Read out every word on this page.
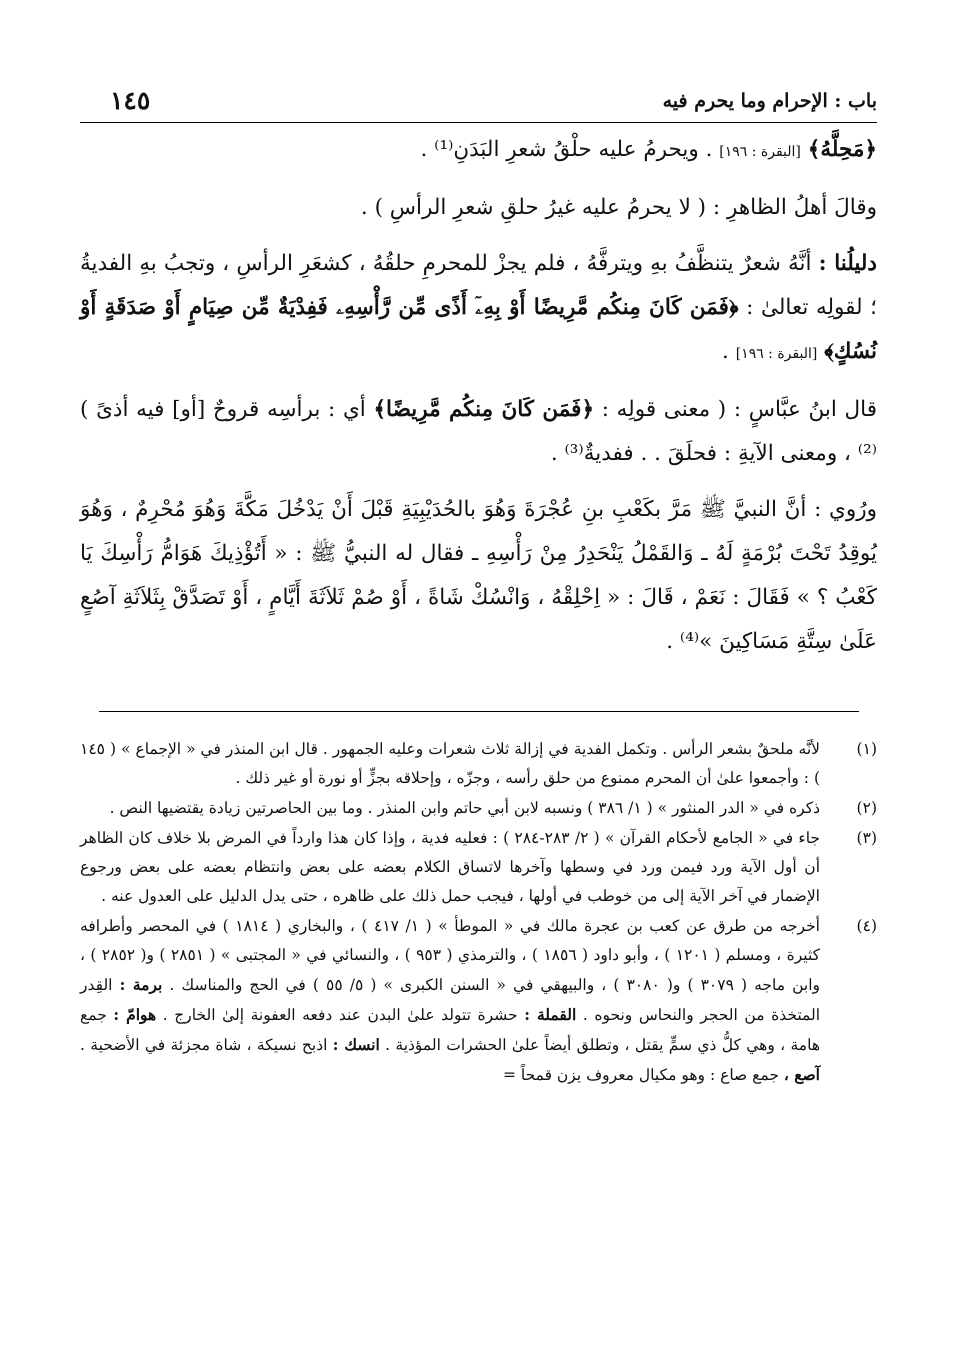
باب : الإحرام وما يحرم فيه
١٤٥

﴿مَحِلَّهُ﴾ [البقرة : ١٩٦] . ويحرمُ عليه حلْقُ شعرِ البَدَنِ⁽¹⁾ .

وقالَ أهلُ الظاهرِ : ( لا يحرمُ عليه غيرُ حلقِ شعرِ الرأسِ ) .

دليلُنا : أنَّهُ شعرٌ يتنظَّفُ بهِ ويترفَّهُ ، فلم يجزْ للمحرمِ حلقُهُ ، كشعَرِ الرأسِ ، وتجبُ بهِ الفديةُ ؛ لقولِه تعالىٰ : ﴿فَمَن كَانَ مِنكُم مَّرِيضًا أَوْ بِهِۦٓ أَذًى مِّن رَّأْسِهِۦ فَفِدْيَةٌ مِّن صِيَامٍ أَوْ صَدَقَةٍ أَوْ نُسُكٍ﴾ [البقرة : ١٩٦] .

قال ابنُ عبَّاسٍ : ( معنى قولِه : ﴿فَمَن كَانَ مِنكُم مَّرِيضًا﴾ أي : برأسِه قروحٌ [أو] فيه أذىً )⁽²⁾ ، ومعنى الآيةِ : فحلَقَ . . ففديةٌ⁽³⁾ .

ورُوي : أنَّ النبيَّ ﷺ مَرَّ بكَعْبِ بنِ عُجْرَةَ وَهُوَ بالحُدَيْبِيَةِ قَبْلَ أَنْ يَدْخُلَ مَكَّةَ وَهُوَ مُحْرِمٌ ، وَهُوَ يُوقِدُ تَحْتَ بُرْمَةٍ لَهُ ـ وَالقَمْلُ يَنْحَدِرُ مِنْ رَأْسِهِ ـ فقال له النبيُّ ﷺ : « أَتُؤْذِيكَ هَوَامُّ رَأْسِكَ يَا كَعْبُ ؟ » فَقَالَ : نَعَمْ ، قَالَ : « اِحْلِقْهُ ، وَانْسُكْ شَاةً ، أَوْ صُمْ ثَلاَثَةَ أَيَّامٍ ، أَوْ تَصَدَّقْ بِثَلاَثَةِ آصُعٍ عَلَىٰ سِتَّةِ مَسَاكِينَ »⁽⁴⁾ .

(١)
لأنَّه ملحقٌ بشعر الرأس . وتكمل الفدية في إزالة ثلاث شعرات وعليه الجمهور . قال ابن المنذر في « الإجماع » ( ١٤٥ ) : وأجمعوا علىٰ أن المحرم ممنوع من حلق رأسه ، وجزّه ، وإحلاقه بجزٍّ أو نورة أو غير ذلك .
(٢)
ذكره في « الدر المنثور » ( ١/ ٣٨٦ ) ونسبه لابن أبي حاتم وابن المنذر . وما بين الحاصرتين زيادة يقتضيها النص .
(٣)
جاء في « الجامع لأحكام القرآن » ( ٢/ ٢٨٣-٢٨٤ ) : فعليه فدية ، وإذا كان هذا وارداً في المرض بلا خلاف كان الظاهر أن أول الآية ورد فيمن ورد في وسطها وآخرها لاتساق الكلام بعضه على بعض وانتظام بعضه على بعض ورجوع الإضمار في آخر الآية إلى من خوطب في أولها ، فيجب حمل ذلك على ظاهره ، حتى يدل الدليل على العدول عنه .
(٤)
أخرجه من طرق عن كعب بن عجرة مالك في « الموطأ » ( ١/ ٤١٧ ) ، والبخاري ( ١٨١٤ ) في المحصر وأطرافه كثيرة ، ومسلم ( ١٢٠١ ) ، وأبو داود ( ١٨٥٦ ) ، والترمذي ( ٩٥٣ ) ، والنسائي في « المجتبى » ( ٢٨٥١ ) و( ٢٨٥٢ ) ، وابن ماجه ( ٣٠٧٩ ) و( ٣٠٨٠ ) ، والبيهقي في « السنن الكبرى » ( ٥/ ٥٥ ) في الحج والمناسك . برمة : القِدر المتخذة من الحجر والنحاس ونحوه . القملة : حشرة تتولد علىٰ البدن عند دفعه العفونة إلىٰ الخارج . هوامّ : جمع هامة ، وهي كلُّ ذي سمٍّ يقتل ، وتطلق أيضاً علىٰ الحشرات المؤذية . انسك : اذبح نسيكة ، شاة مجزئة في الأضحية . آصع ، جمع صاع : وهو مكيال معروف يزن قمحاً =
